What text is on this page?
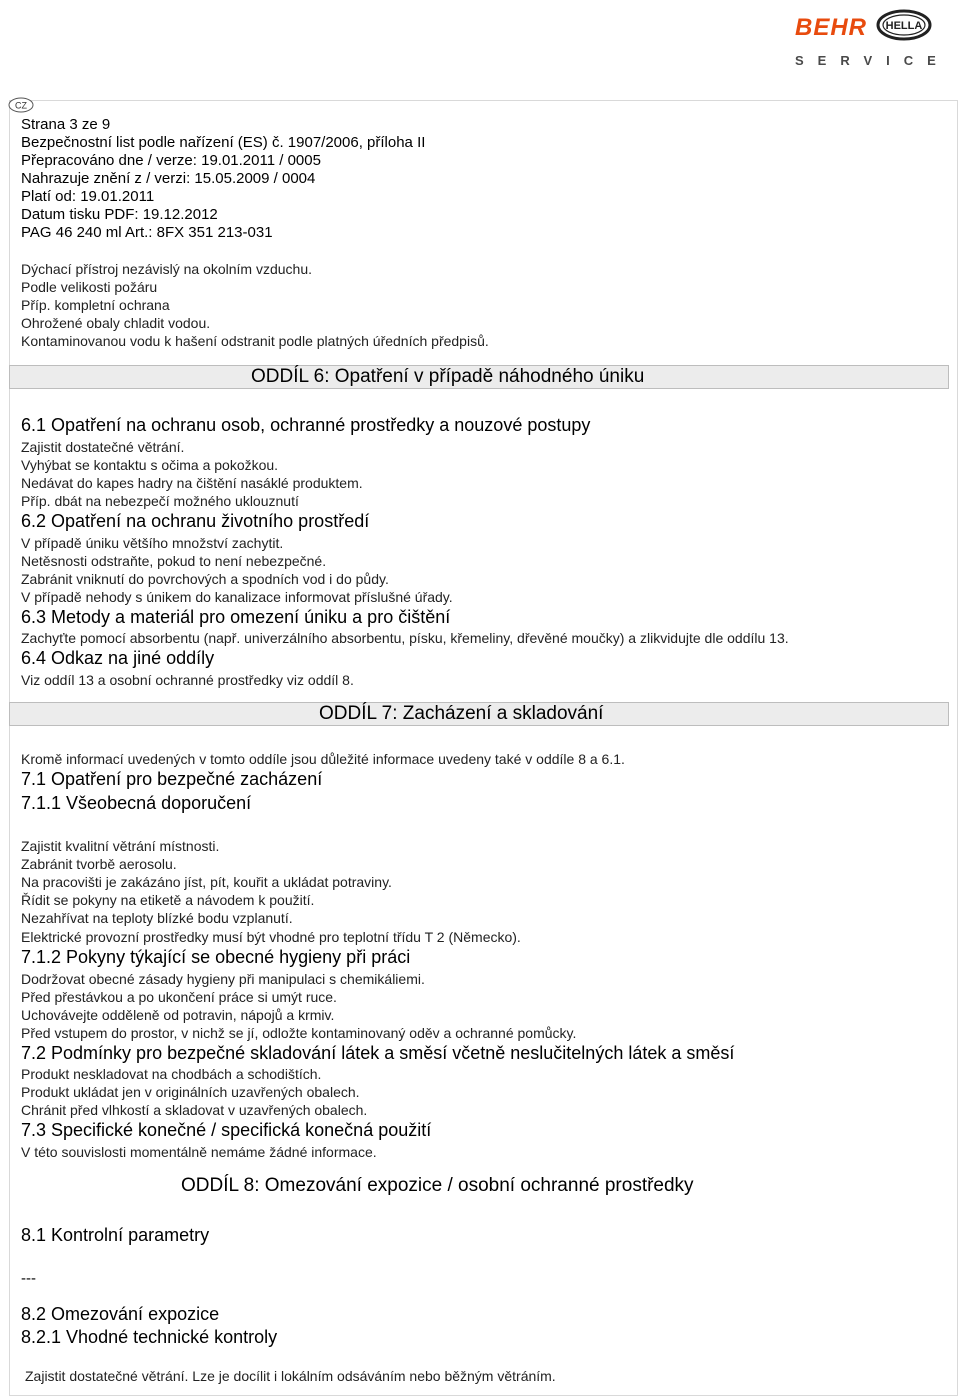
BEHR HELLA
SERVICE
CZ
Strana 3 ze 9
Bezpečnostní list podle nařízení (ES) č. 1907/2006, příloha II
Přepracováno dne / verze: 19.01.2011 / 0005
Nahrazuje znění z / verzi: 15.05.2009 / 0004
Platí od: 19.01.2011
Datum tisku PDF: 19.12.2012
PAG 46 240 ml Art.: 8FX 351 213-031
Dýchací přístroj nezávislý na okolním vzduchu.
Podle velikosti požáru
Příp. kompletní ochrana
Ohrožené obaly chladit vodou.
Kontaminovanou vodu k hašení odstranit podle platných úředních předpisů.
ODDÍL 6: Opatření v případě náhodného úniku
6.1 Opatření na ochranu osob, ochranné prostředky a nouzové postupy
Zajistit dostatečné větrání.
Vyhýbat se kontaktu s očima a pokožkou.
Nedávat do kapes hadry na čištění nasáklé produktem.
Příp. dbát na nebezpečí možného uklouznutí
6.2 Opatření na ochranu životního prostředí
V případě úniku většího množství zachytit.
Netěsnosti odstraňte, pokud to není nebezpečné.
Zabránit vniknutí do povrchových a spodních vod i do půdy.
V případě nehody s únikem do kanalizace informovat příslušné úřady.
6.3 Metody a materiál pro omezení úniku a pro čištění
Zachyťte pomocí absorbentu (např. univerzálního absorbentu, písku, křemeliny, dřevěné moučky) a zlikvidujte dle oddílu 13.
6.4 Odkaz na jiné oddíly
Viz oddíl 13 a osobní ochranné prostředky viz oddíl 8.
ODDÍL 7: Zacházení a skladování
Kromě informací uvedených v tomto oddíle jsou důležité informace uvedeny také v oddíle 8 a 6.1.
7.1 Opatření pro bezpečné zacházení
7.1.1 Všeobecná doporučení
Zajistit kvalitní větrání místnosti.
Zabránit tvorbě aerosolu.
Na pracovišti je zakázáno jíst, pít, kouřit a ukládat potraviny.
Řídit se pokyny na etiketě a návodem k použití.
Nezahřívat na teploty blízké bodu vzplanutí.
Elektrické provozní prostředky musí být vhodné pro teplotní třídu T 2 (Německo).
7.1.2 Pokyny týkající se obecné hygieny při práci
Dodržovat obecné zásady hygieny při manipulaci s chemikáliemi.
Před přestávkou a po ukončení práce si umýt ruce.
Uchovávejte odděleně od potravin, nápojů a krmiv.
Před vstupem do prostor, v nichž se jí, odložte kontaminovaný oděv a ochranné pomůcky.
7.2 Podmínky pro bezpečné skladování látek a směsí včetně neslučitelných látek a směsí
Produkt neskladovat na chodbách a schodištích.
Produkt ukládat jen v originálních uzavřených obalech.
Chránit před vlhkostí a skladovat v uzavřených obalech.
7.3 Specifické konečné / specifická konečná použití
V této souvislosti momentálně nemáme žádné informace.
ODDÍL 8: Omezování expozice / osobní ochranné prostředky
8.1 Kontrolní parametry
---
8.2 Omezování expozice
8.2.1 Vhodné technické kontroly
Zajistit dostatečné větrání. Lze je docílit i lokálním odsáváním nebo běžným větráním.
